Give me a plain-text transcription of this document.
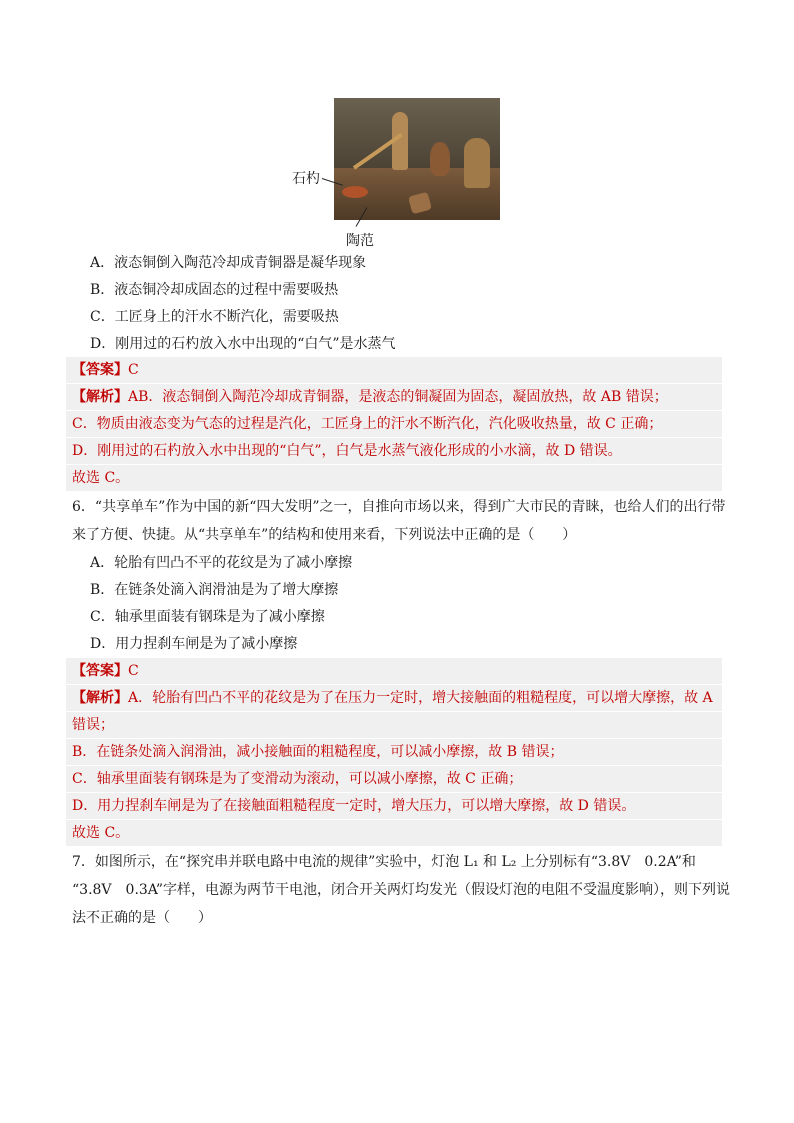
石杓
陶范
A．液态铜倒入陶范冷却成青铜器是凝华现象
B．液态铜冷却成固态的过程中需要吸热
C．工匠身上的汗水不断汽化，需要吸热
D．刚用过的石杓放入水中出现的“白气”是水蒸气
【答案】C
【解析】AB．液态铜倒入陶范冷却成青铜器，是液态的铜凝固为固态，凝固放热，故 AB 错误；
C．物质由液态变为气态的过程是汽化，工匠身上的汗水不断汽化，汽化吸收热量，故 C 正确；
D．刚用过的石杓放入水中出现的“白气”，白气是水蒸气液化形成的小水滴，故 D 错误。
故选 C。
6．“共享单车”作为中国的新“四大发明”之一，自推向市场以来，得到广大市民的青睐，也给人们的出行带
来了方便、快捷。从“共享单车”的结构和使用来看，下列说法中正确的是（　　）
A．轮胎有凹凸不平的花纹是为了减小摩擦
B．在链条处滴入润滑油是为了增大摩擦
C．轴承里面装有钢珠是为了减小摩擦
D．用力捏刹车闸是为了减小摩擦
【答案】C
【解析】A．轮胎有凹凸不平的花纹是为了在压力一定时，增大接触面的粗糙程度，可以增大摩擦，故 A
错误；
B．在链条处滴入润滑油，减小接触面的粗糙程度，可以减小摩擦，故 B 错误；
C．轴承里面装有钢珠是为了变滑动为滚动，可以减小摩擦，故 C 正确；
D．用力捏刹车闸是为了在接触面粗糙程度一定时，增大压力，可以增大摩擦，故 D 错误。
故选 C。
7．如图所示，在“探究串并联电路中电流的规律”实验中，灯泡 L₁ 和 L₂ 上分别标有“3.8V　0.2A”和
“3.8V　0.3A”字样，电源为两节干电池，闭合开关两灯均发光（假设灯泡的电阻不受温度影响），则下列说
法不正确的是（　　）
